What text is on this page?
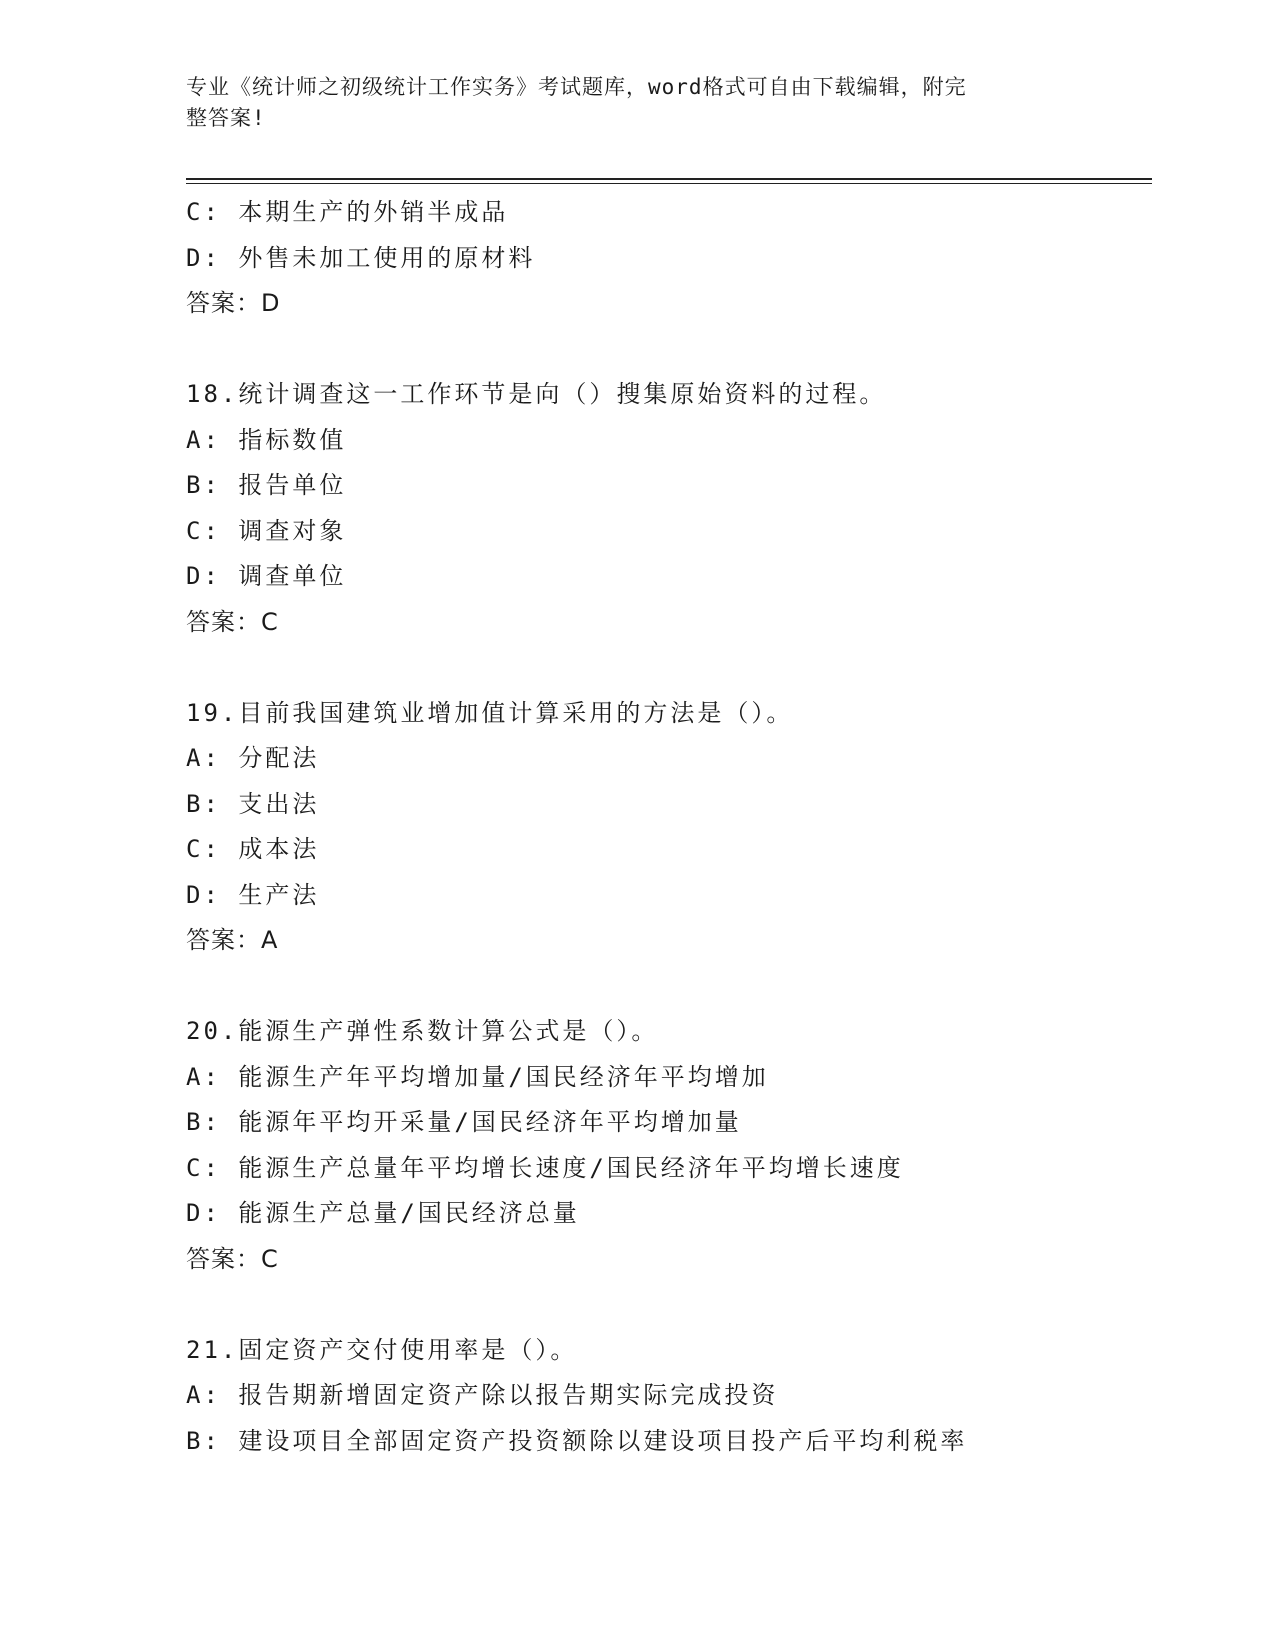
专业《统计师之初级统计工作实务》考试题库，word格式可自由下载编辑，附完
整答案!
C: 本期生产的外销半成品
D: 外售未加工使用的原材料
答案：D
18.统计调查这一工作环节是向（）搜集原始资料的过程。
A: 指标数值
B: 报告单位
C: 调查对象
D: 调查单位
答案：C
19.目前我国建筑业增加值计算采用的方法是（）。
A: 分配法
B: 支出法
C: 成本法
D: 生产法
答案：A
20.能源生产弹性系数计算公式是（）。
A: 能源生产年平均增加量/国民经济年平均增加
B: 能源年平均开采量/国民经济年平均增加量
C: 能源生产总量年平均增长速度/国民经济年平均增长速度
D: 能源生产总量/国民经济总量
答案：C
21.固定资产交付使用率是（）。
A: 报告期新增固定资产除以报告期实际完成投资
B: 建设项目全部固定资产投资额除以建设项目投产后平均利税率
